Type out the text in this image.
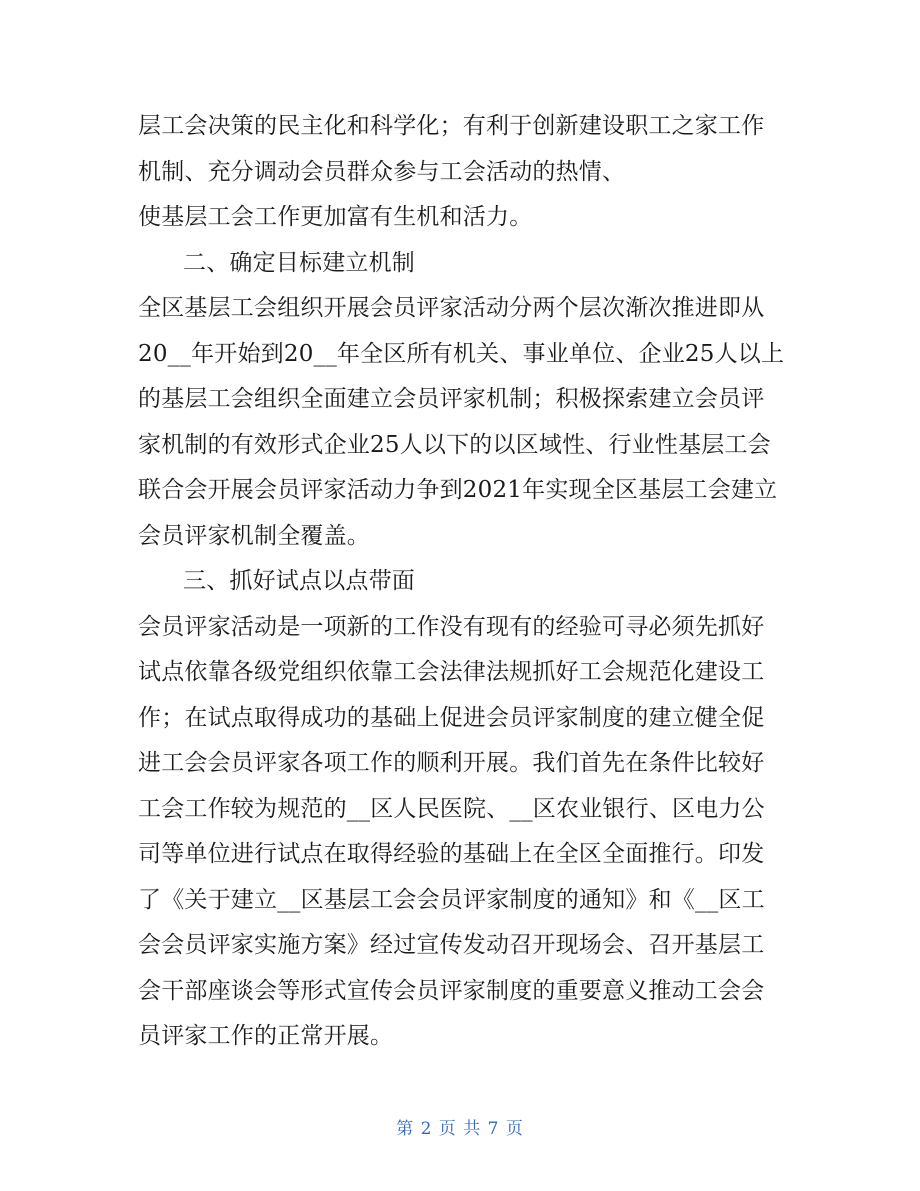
层工会决策的民主化和科学化；有利于创新建设职工之家工作
机制、充分调动会员群众参与工会活动的热情、
使基层工会工作更加富有生机和活力。
二、确定目标建立机制
全区基层工会组织开展会员评家活动分两个层次渐次推进即从
20__年开始到20__年全区所有机关、事业单位、企业25人以上
的基层工会组织全面建立会员评家机制；积极探索建立会员评
家机制的有效形式企业25人以下的以区域性、行业性基层工会
联合会开展会员评家活动力争到2021年实现全区基层工会建立
会员评家机制全覆盖。
三、抓好试点以点带面
会员评家活动是一项新的工作没有现有的经验可寻必须先抓好
试点依靠各级党组织依靠工会法律法规抓好工会规范化建设工
作；在试点取得成功的基础上促进会员评家制度的建立健全促
进工会会员评家各项工作的顺利开展。我们首先在条件比较好
工会工作较为规范的__区人民医院、__区农业银行、区电力公
司等单位进行试点在取得经验的基础上在全区全面推行。印发
了《关于建立__区基层工会会员评家制度的通知》和《__区工
会会员评家实施方案》经过宣传发动召开现场会、召开基层工
会干部座谈会等形式宣传会员评家制度的重要意义推动工会会
员评家工作的正常开展。
第 2 页 共 7 页
